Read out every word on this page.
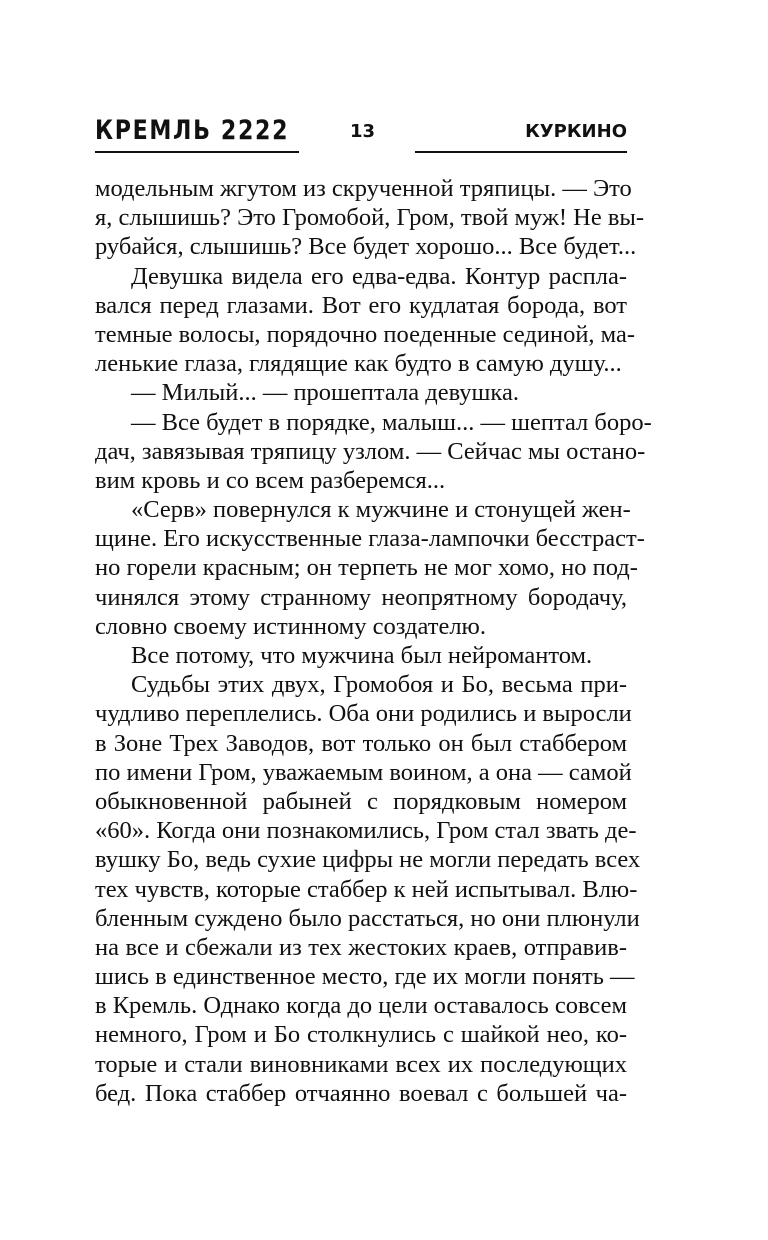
КРЕМЛЬ 2222	13	КУРКИНО
модельным жгутом из скрученной тряпицы. — Это
я, слышишь? Это Громобой, Гром, твой муж! Не вы-
рубайся, слышишь? Все будет хорошо... Все будет...
Девушка видела его едва-едва. Контур распла-
вался перед глазами. Вот его кудлатая борода, вот
темные волосы, порядочно поеденные сединой, ма-
ленькие глаза, глядящие как будто в самую душу...
— Милый... — прошептала девушка.
— Все будет в порядке, малыш... — шептал боро-
дач, завязывая тряпицу узлом. — Сейчас мы остано-
вим кровь и со всем разберемся...
«Серв» повернулся к мужчине и стонущей жен-
щине. Его искусственные глаза-лампочки бесстраст-
но горели красным; он терпеть не мог хомо, но под-
чинялся этому странному неопрятному бородачу,
словно своему истинному создателю.
Все потому, что мужчина был нейромантом.
Судьбы этих двух, Громобоя и Бо, весьма при-
чудливо переплелись. Оба они родились и выросли
в Зоне Трех Заводов, вот только он был стаббером
по имени Гром, уважаемым воином, а она — самой
обыкновенной рабыней с порядковым номером
«60». Когда они познакомились, Гром стал звать де-
вушку Бо, ведь сухие цифры не могли передать всех
тех чувств, которые стаббер к ней испытывал. Влю-
бленным суждено было расстаться, но они плюнули
на все и сбежали из тех жестоких краев, отправив-
шись в единственное место, где их могли понять —
в Кремль. Однако когда до цели оставалось совсем
немного, Гром и Бо столкнулись с шайкой нео, ко-
торые и стали виновниками всех их последующих
бед. Пока стаббер отчаянно воевал с большей ча-
